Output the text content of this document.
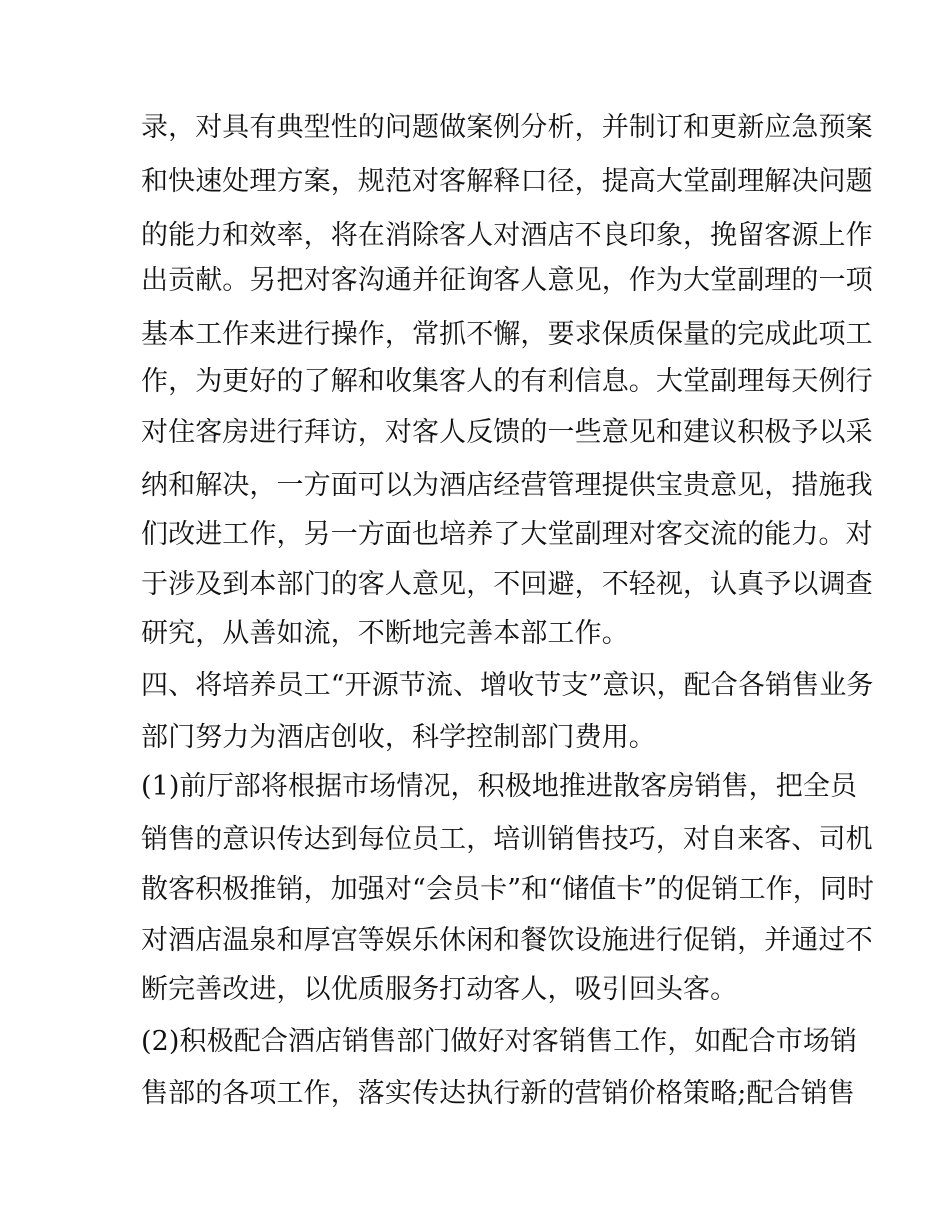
录，对具有典型性的问题做案例分析，并制订和更新应急预案
和快速处理方案，规范对客解释口径，提高大堂副理解决问题
的能力和效率，将在消除客人对酒店不良印象，挽留客源上作
出贡献。另把对客沟通并征询客人意见，作为大堂副理的一项
基本工作来进行操作，常抓不懈，要求保质保量的完成此项工
作，为更好的了解和收集客人的有利信息。大堂副理每天例行
对住客房进行拜访，对客人反馈的一些意见和建议积极予以采
纳和解决，一方面可以为酒店经营管理提供宝贵意见，措施我
们改进工作，另一方面也培养了大堂副理对客交流的能力。对
于涉及到本部门的客人意见，不回避，不轻视，认真予以调查
研究，从善如流，不断地完善本部工作。
四、将培养员工“开源节流、增收节支”意识，配合各销售业务
部门努力为酒店创收，科学控制部门费用。
(1)前厅部将根据市场情况，积极地推进散客房销售，把全员
销售的意识传达到每位员工，培训销售技巧，对自来客、司机
散客积极推销，加强对“会员卡”和“储值卡”的促销工作，同时
对酒店温泉和厚宫等娱乐休闲和餐饮设施进行促销，并通过不
断完善改进，以优质服务打动客人，吸引回头客。
(2)积极配合酒店销售部门做好对客销售工作，如配合市场销
售部的各项工作，落实传达执行新的营销价格策略;配合销售
